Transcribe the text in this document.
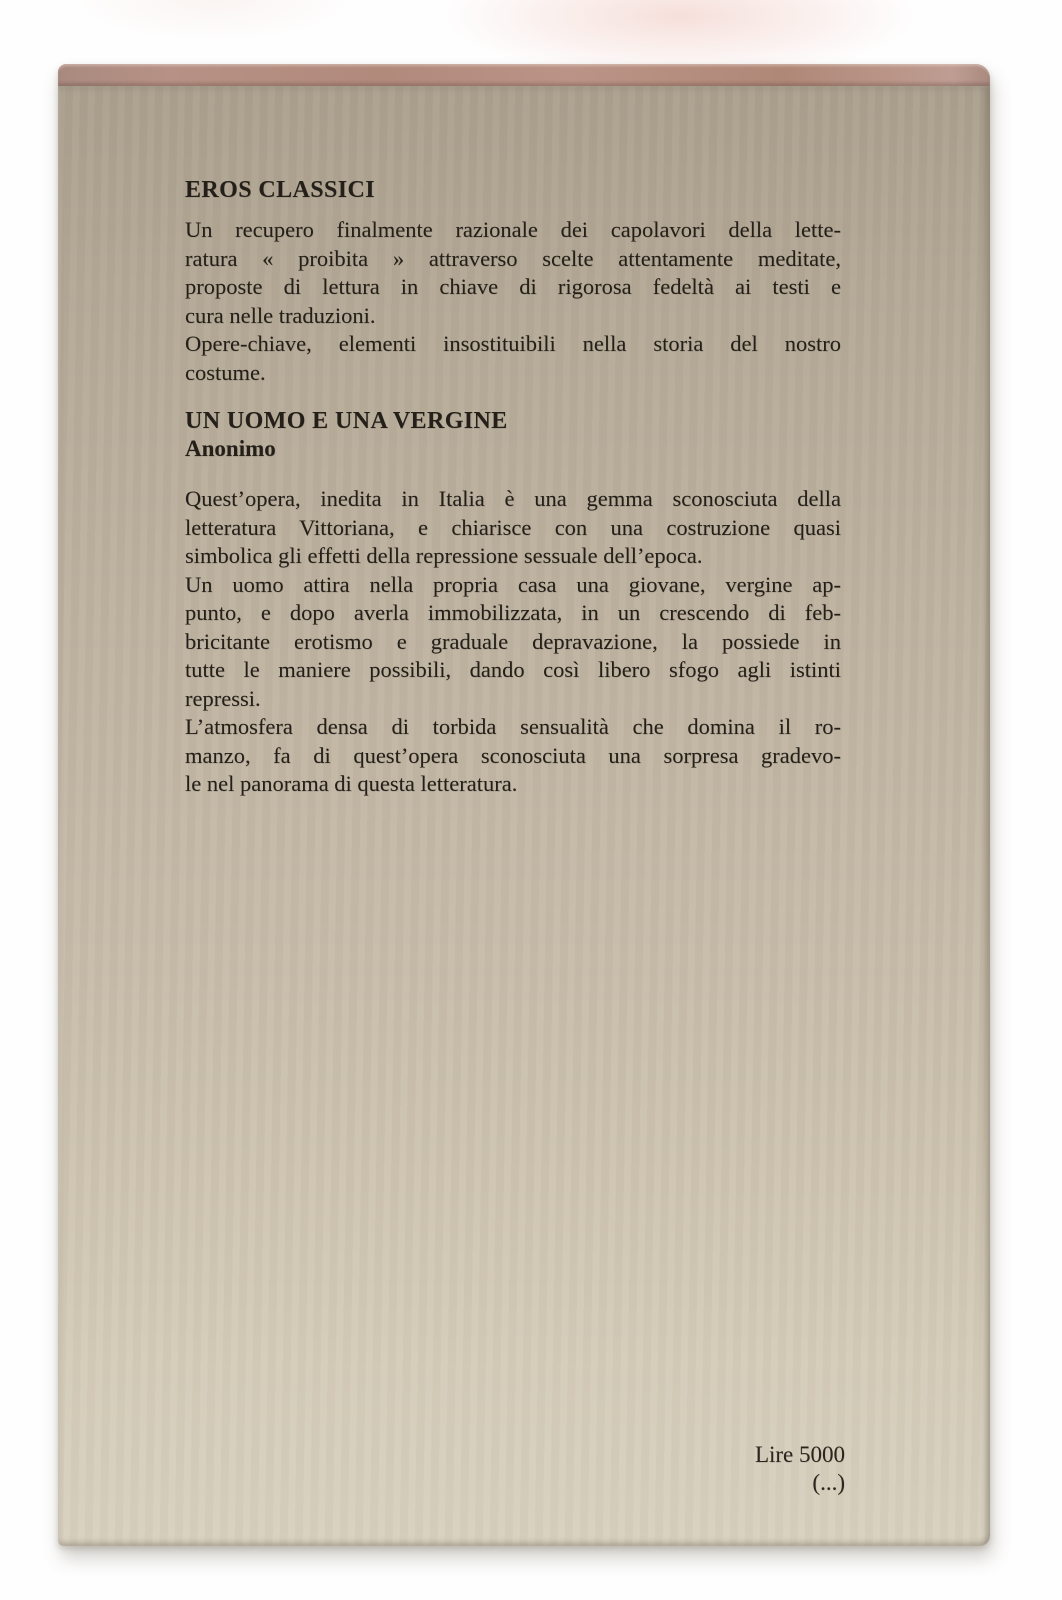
EROS CLASSICI
Un recupero finalmente razionale dei capolavori della lette-
ratura « proibita » attraverso scelte attentamente meditate,
proposte di lettura in chiave di rigorosa fedeltà ai testi e
cura nelle traduzioni.
Opere-chiave, elementi insostituibili nella storia del nostro
costume.
UN UOMO E UNA VERGINE
Anonimo
Quest’opera, inedita in Italia è una gemma sconosciuta della
letteratura Vittoriana, e chiarisce con una costruzione quasi
simbolica gli effetti della repressione sessuale dell’epoca.
Un uomo attira nella propria casa una giovane, vergine ap-
punto, e dopo averla immobilizzata, in un crescendo di feb-
bricitante erotismo e graduale depravazione, la possiede in
tutte le maniere possibili, dando così libero sfogo agli istinti
repressi.
L’atmosfera densa di torbida sensualità che domina il ro-
manzo, fa di quest’opera sconosciuta una sorpresa gradevo-
le nel panorama di questa letteratura.
Lire 5000
(...)
